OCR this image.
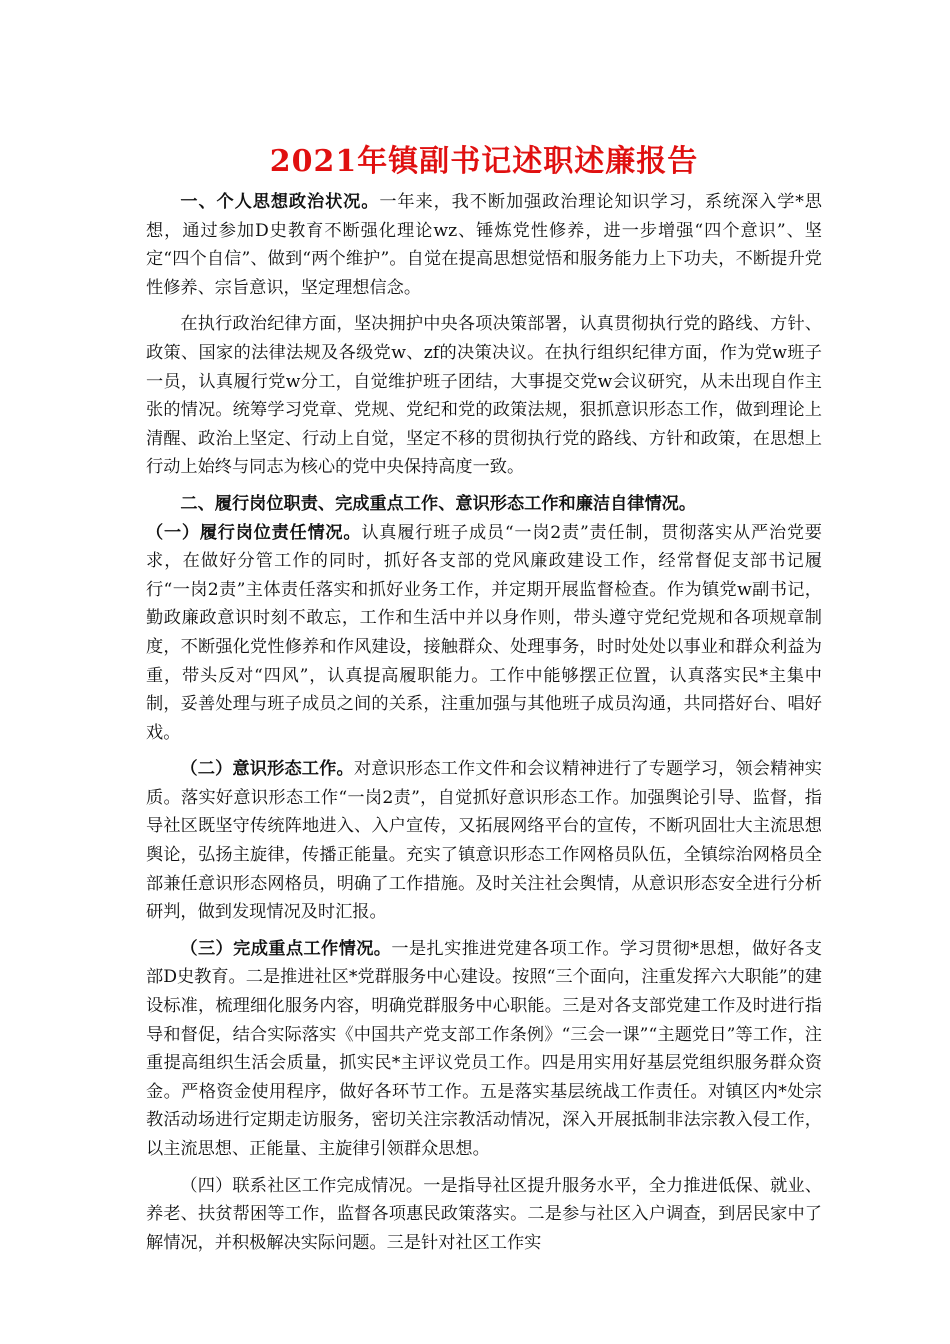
2021年镇副书记述职述廉报告

一、个人思想政治状况。一年来，我不断加强政治理论知识学习，系统深入学*思想，通过参加D史教育不断强化理论wz、锤炼党性修养，进一步增强“四个意识”、坚定“四个自信”、做到“两个维护”。自觉在提高思想觉悟和服务能力上下功夫，不断提升党性修养、宗旨意识，坚定理想信念。

在执行政治纪律方面，坚决拥护中央各项决策部署，认真贯彻执行党的路线、方针、政策、国家的法律法规及各级党w、zf的决策决议。在执行组织纪律方面，作为党w班子一员，认真履行党w分工，自觉维护班子团结，大事提交党w会议研究，从未出现自作主张的情况。统筹学习党章、党规、党纪和党的政策法规，狠抓意识形态工作，做到理论上清醒、政治上坚定、行动上自觉，坚定不移的贯彻执行党的路线、方针和政策，在思想上行动上始终与同志为核心的党中央保持高度一致。

二、履行岗位职责、完成重点工作、意识形态工作和廉洁自律情况。

（一）履行岗位责任情况。认真履行班子成员“一岗2责”责任制，贯彻落实从严治党要求，在做好分管工作的同时，抓好各支部的党风廉政建设工作，经常督促支部书记履行“一岗2责”主体责任落实和抓好业务工作，并定期开展监督检查。作为镇党w副书记，勤政廉政意识时刻不敢忘，工作和生活中并以身作则，带头遵守党纪党规和各项规章制度，不断强化党性修养和作风建设，接触群众、处理事务，时时处处以事业和群众利益为重，带头反对“四风”，认真提高履职能力。工作中能够摆正位置，认真落实民*主集中制，妥善处理与班子成员之间的关系，注重加强与其他班子成员沟通，共同搭好台、唱好戏。

（二）意识形态工作。对意识形态工作文件和会议精神进行了专题学习，领会精神实质。落实好意识形态工作“一岗2责”，自觉抓好意识形态工作。加强舆论引导、监督，指导社区既坚守传统阵地进入、入户宣传，又拓展网络平台的宣传，不断巩固壮大主流思想舆论，弘扬主旋律，传播正能量。充实了镇意识形态工作网格员队伍，全镇综治网格员全部兼任意识形态网格员，明确了工作措施。及时关注社会舆情，从意识形态安全进行分析研判，做到发现情况及时汇报。

（三）完成重点工作情况。一是扎实推进党建各项工作。学习贯彻*思想，做好各支部D史教育。二是推进社区*党群服务中心建设。按照“三个面向，注重发挥六大职能”的建设标准，梳理细化服务内容，明确党群服务中心职能。三是对各支部党建工作及时进行指导和督促，结合实际落实《中国共产党支部工作条例》“三会一课”“主题党日”等工作，注重提高组织生活会质量，抓实民*主评议党员工作。四是用实用好基层党组织服务群众资金。严格资金使用程序，做好各环节工作。五是落实基层统战工作责任。对镇区内*处宗教活动场进行定期走访服务，密切关注宗教活动情况，深入开展抵制非法宗教入侵工作，以主流思想、正能量、主旋律引领群众思想。

（四）联系社区工作完成情况。一是指导社区提升服务水平，全力推进低保、就业、养老、扶贫帮困等工作，监督各项惠民政策落实。二是参与社区入户调查，到居民家中了解情况，并积极解决实际问题。三是针对社区工作实
